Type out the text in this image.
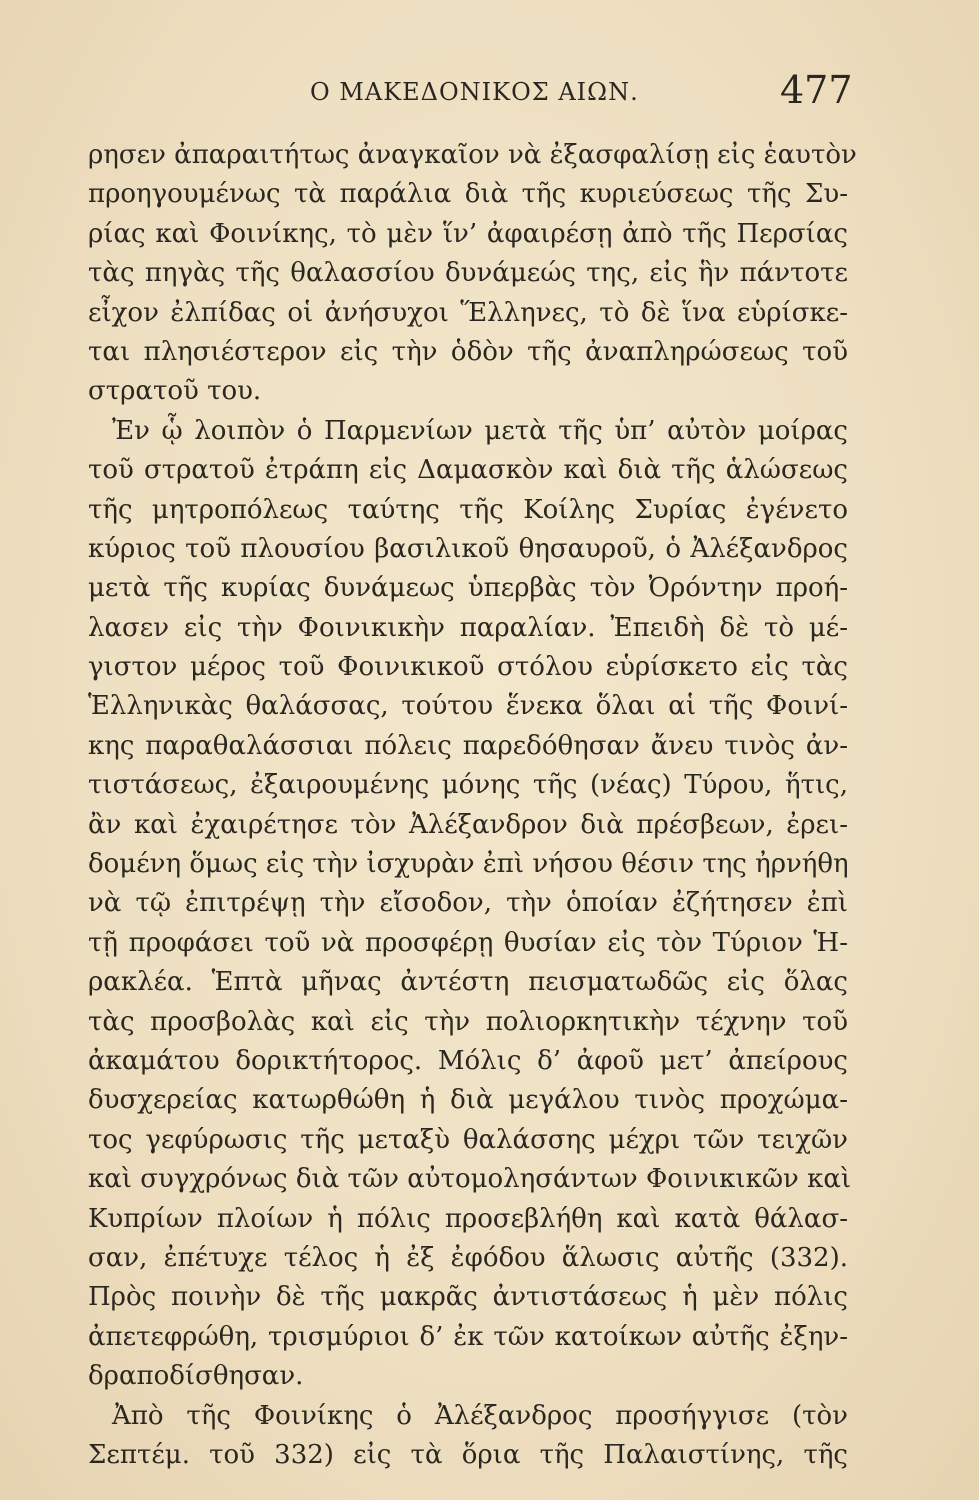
Ο ΜΑΚΕΔΟΝΙΚΟΣ ΑΙΩΝ.	477
ρησεν ἀπαραιτήτως ἀναγκαῖον νὰ ἐξασφαλίσῃ εἰς ἑαυτὸν
προηγουμένως τὰ παράλια διὰ τῆς κυριεύσεως τῆς Συ-
ρίας καὶ Φοινίκης, τὸ μὲν ἵν’ ἀφαιρέσῃ ἀπὸ τῆς Περσίας
τὰς πηγὰς τῆς θαλασσίου δυνάμεώς της, εἰς ἣν πάντοτε
εἶχον ἐλπίδας οἱ ἀνήσυχοι Ἕλληνες, τὸ δὲ ἵνα εὑρίσκε-
ται πλησιέστερον εἰς τὴν ὁδὸν τῆς ἀναπληρώσεως τοῦ
στρατοῦ του.
Ἐν ᾧ λοιπὸν ὁ Παρμενίων μετὰ τῆς ὑπ’ αὐτὸν μοίρας
τοῦ στρατοῦ ἐτράπη εἰς Δαμασκὸν καὶ διὰ τῆς ἁλώσεως
τῆς μητροπόλεως ταύτης τῆς Κοίλης Συρίας ἐγένετο
κύριος τοῦ πλουσίου βασιλικοῦ θησαυροῦ, ὁ Ἀλέξανδρος
μετὰ τῆς κυρίας δυνάμεως ὑπερβὰς τὸν Ὀρόντην προή-
λασεν εἰς τὴν Φοινικικὴν παραλίαν. Ἐπειδὴ δὲ τὸ μέ-
γιστον μέρος τοῦ Φοινικικοῦ στόλου εὑρίσκετο εἰς τὰς
Ἑλληνικὰς θαλάσσας, τούτου ἕνεκα ὅλαι αἱ τῆς Φοινί-
κης παραθαλάσσιαι πόλεις παρεδόθησαν ἄνευ τινὸς ἀν-
τιστάσεως, ἐξαιρουμένης μόνης τῆς (νέας) Τύρου, ἥτις,
ἂν καὶ ἐχαιρέτησε τὸν Ἀλέξανδρον διὰ πρέσβεων, ἐρει-
δομένη ὅμως εἰς τὴν ἰσχυρὰν ἐπὶ νήσου θέσιν της ἠρνήθη
νὰ τῷ ἐπιτρέψῃ τὴν εἴσοδον, τὴν ὁποίαν ἐζήτησεν ἐπὶ
τῇ προφάσει τοῦ νὰ προσφέρῃ θυσίαν εἰς τὸν Τύριον Ἡ-
ρακλέα. Ἑπτὰ μῆνας ἀντέστη πεισματωδῶς εἰς ὅλας
τὰς προσβολὰς καὶ εἰς τὴν πολιορκητικὴν τέχνην τοῦ
ἀκαμάτου δορικτήτορος. Μόλις δ’ ἀφοῦ μετ’ ἀπείρους
δυσχερείας κατωρθώθη ἡ διὰ μεγάλου τινὸς προχώμα-
τος γεφύρωσις τῆς μεταξὺ θαλάσσης μέχρι τῶν τειχῶν
καὶ συγχρόνως διὰ τῶν αὐτομολησάντων Φοινικικῶν καὶ
Κυπρίων πλοίων ἡ πόλις προσεβλήθη καὶ κατὰ θάλασ-
σαν, ἐπέτυχε τέλος ἡ ἐξ ἐφόδου ἅλωσις αὐτῆς (332).
Πρὸς ποινὴν δὲ τῆς μακρᾶς ἀντιστάσεως ἡ μὲν πόλις
ἀπετεφρώθη, τρισμύριοι δ’ ἐκ τῶν κατοίκων αὐτῆς ἐξην-
δραποδίσθησαν.
Ἀπὸ τῆς Φοινίκης ὁ Ἀλέξανδρος προσήγγισε (τὸν
Σεπτέμ. τοῦ 332) εἰς τὰ ὅρια τῆς Παλαιστίνης, τῆς
